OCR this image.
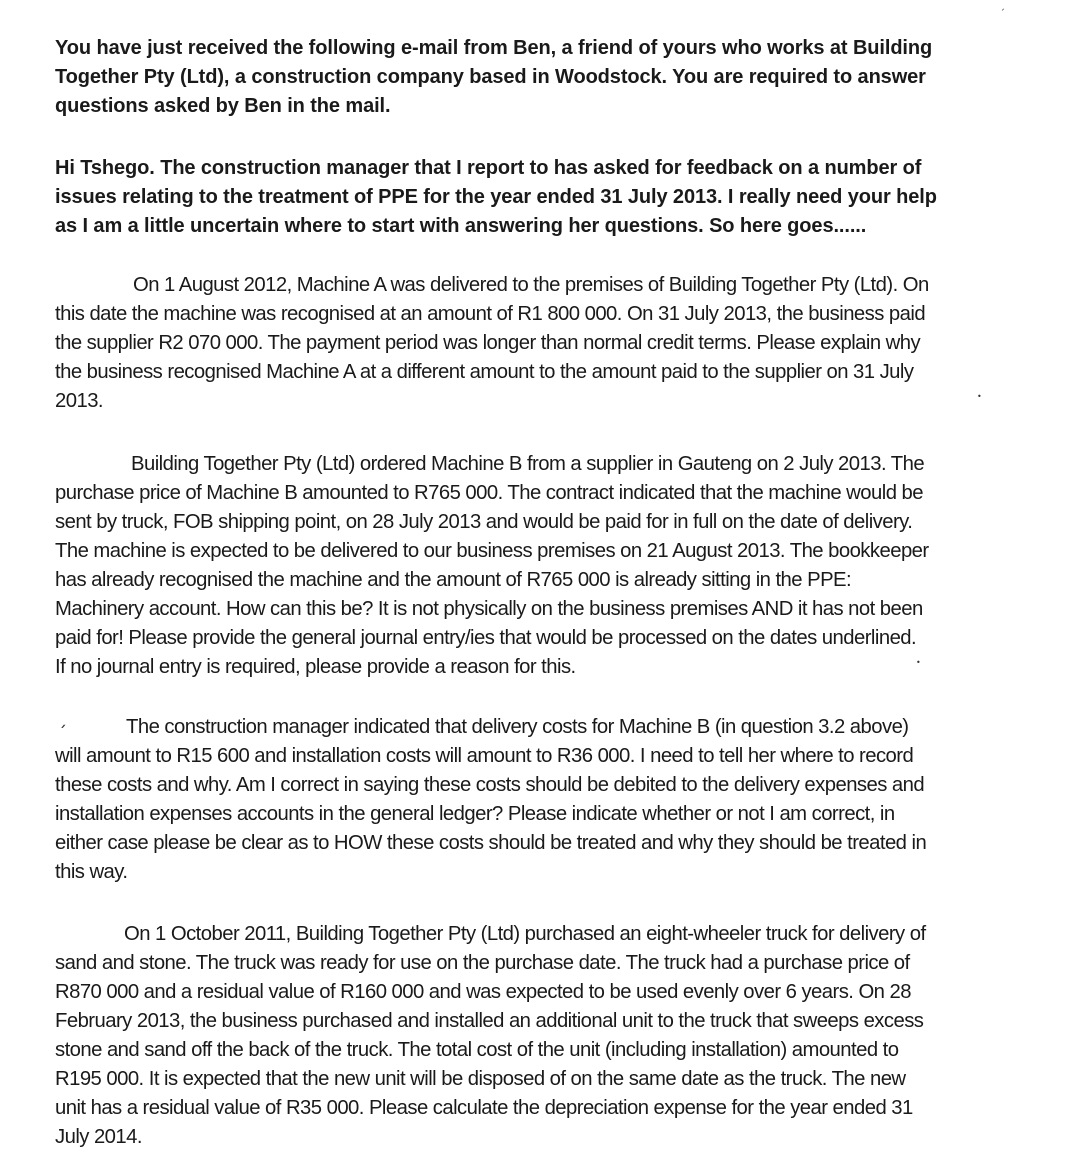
You have just received the following e-mail from Ben, a friend of yours who works at Building

Together Pty (Ltd), a construction company based in Woodstock. You are required to answer

questions asked by Ben in the mail.

Hi Tshego. The construction manager that I report to has asked for feedback on a number of

issues relating to the treatment of PPE for the year ended 31 July 2013. I really need your help

as I am a little uncertain where to start with answering her questions. So here goes......

On 1 August 2012, Machine A was delivered to the premises of Building Together Pty (Ltd). On

this date the machine was recognised at an amount of R1 800 000. On 31 July 2013, the business paid

the supplier R2 070 000. The payment period was longer than normal credit terms. Please explain why

the business recognised Machine A at a different amount to the amount paid to the supplier on 31 July

2013.

Building Together Pty (Ltd) ordered Machine B from a supplier in Gauteng on 2 July 2013. The

purchase price of Machine B amounted to R765 000. The contract indicated that the machine would be

sent by truck, FOB shipping point, on 28 July 2013 and would be paid for in full on the date of delivery.

The machine is expected to be delivered to our business premises on 21 August 2013. The bookkeeper

has already recognised the machine and the amount of R765 000 is already sitting in the PPE:

Machinery account. How can this be? It is not physically on the business premises AND it has not been

paid for! Please provide the general journal entry/ies that would be processed on the dates underlined.

If no journal entry is required, please provide a reason for this.

The construction manager indicated that delivery costs for Machine B (in question 3.2 above)

will amount to R15 600 and installation costs will amount to R36 000. I need to tell her where to record

these costs and why. Am I correct in saying these costs should be debited to the delivery expenses and

installation expenses accounts in the general ledger? Please indicate whether or not I am correct, in

either case please be clear as to HOW these costs should be treated and why they should be treated in

this way.

On 1 October 2011, Building Together Pty (Ltd) purchased an eight-wheeler truck for delivery of

sand and stone. The truck was ready for use on the purchase date. The truck had a purchase price of

R870 000 and a residual value of R160 000 and was expected to be used evenly over 6 years. On 28

February 2013, the business purchased and installed an additional unit to the truck that sweeps excess

stone and sand off the back of the truck. The total cost of the unit (including installation) amounted to

R195 000. It is expected that the new unit will be disposed of on the same date as the truck. The new

unit has a residual value of R35 000. Please calculate the depreciation expense for the year ended 31

July 2014.

ˏ
•
•
ˏ
